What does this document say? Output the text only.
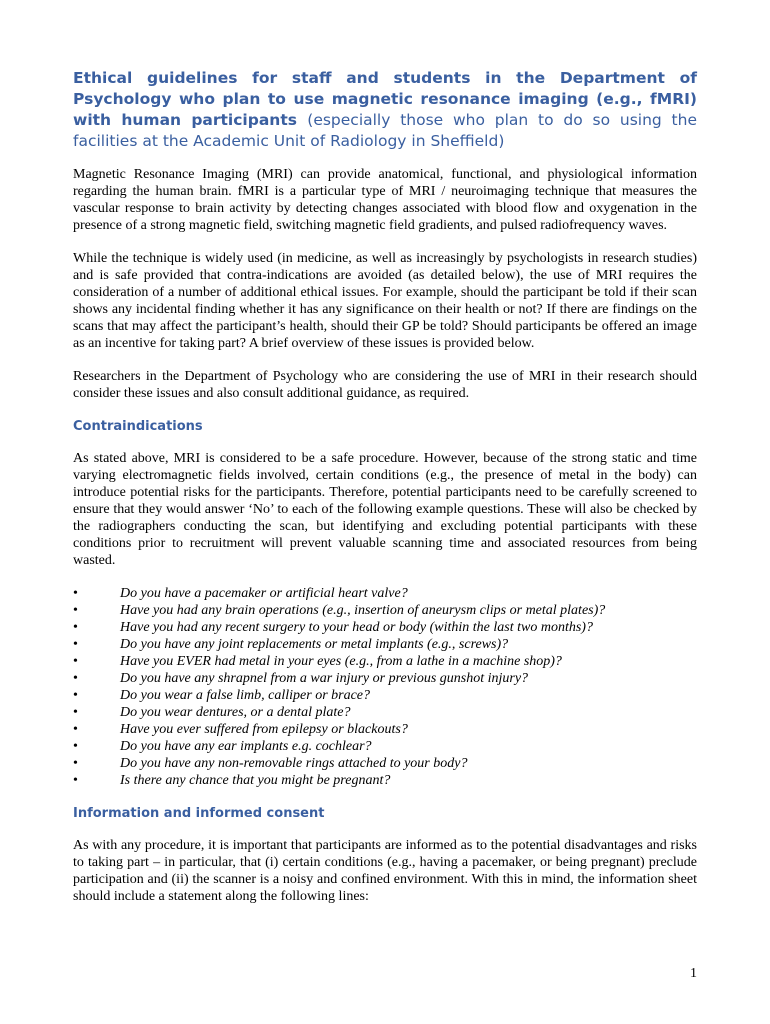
Ethical guidelines for staff and students in the Department of Psychology who plan to use magnetic resonance imaging (e.g., fMRI) with human participants (especially those who plan to do so using the facilities at the Academic Unit of Radiology in Sheffield)

Magnetic Resonance Imaging (MRI) can provide anatomical, functional, and physiological information regarding the human brain. fMRI is a particular type of MRI / neuroimaging technique that measures the vascular response to brain activity by detecting changes associated with blood flow and oxygenation in the presence of a strong magnetic field, switching magnetic field gradients, and pulsed radiofrequency waves.

While the technique is widely used (in medicine, as well as increasingly by psychologists in research studies) and is safe provided that contra-indications are avoided (as detailed below), the use of MRI requires the consideration of a number of additional ethical issues. For example, should the participant be told if their scan shows any incidental finding whether it has any significance on their health or not? If there are findings on the scans that may affect the participant’s health, should their GP be told? Should participants be offered an image as an incentive for taking part? A brief overview of these issues is provided below.

Researchers in the Department of Psychology who are considering the use of MRI in their research should consider these issues and also consult additional guidance, as required.

Contraindications

As stated above, MRI is considered to be a safe procedure. However, because of the strong static and time varying electromagnetic fields involved, certain conditions (e.g., the presence of metal in the body) can introduce potential risks for the participants. Therefore, potential participants need to be carefully screened to ensure that they would answer ‘No’ to each of the following example questions. These will also be checked by the radiographers conducting the scan, but identifying and excluding potential participants with these conditions prior to recruitment will prevent valuable scanning time and associated resources from being wasted.

•	Do you have a pacemaker or artificial heart valve?
•	Have you had any brain operations (e.g., insertion of aneurysm clips or metal plates)?
•	Have you had any recent surgery to your head or body (within the last two months)?
•	Do you have any joint replacements or metal implants (e.g., screws)?
•	Have you EVER had metal in your eyes (e.g., from a lathe in a machine shop)?
•	Do you have any shrapnel from a war injury or previous gunshot injury?
•	Do you wear a false limb, calliper or brace?
•	Do you wear dentures, or a dental plate?
•	Have you ever suffered from epilepsy or blackouts?
•	Do you have any ear implants e.g. cochlear?
•	Do you have any non-removable rings attached to your body?
•	Is there any chance that you might be pregnant?
Information and informed consent

As with any procedure, it is important that participants are informed as to the potential disadvantages and risks to taking part – in particular, that (i) certain conditions (e.g., having a pacemaker, or being pregnant) preclude participation and (ii) the scanner is a noisy and confined environment. With this in mind, the information sheet should include a statement along the following lines:

1
